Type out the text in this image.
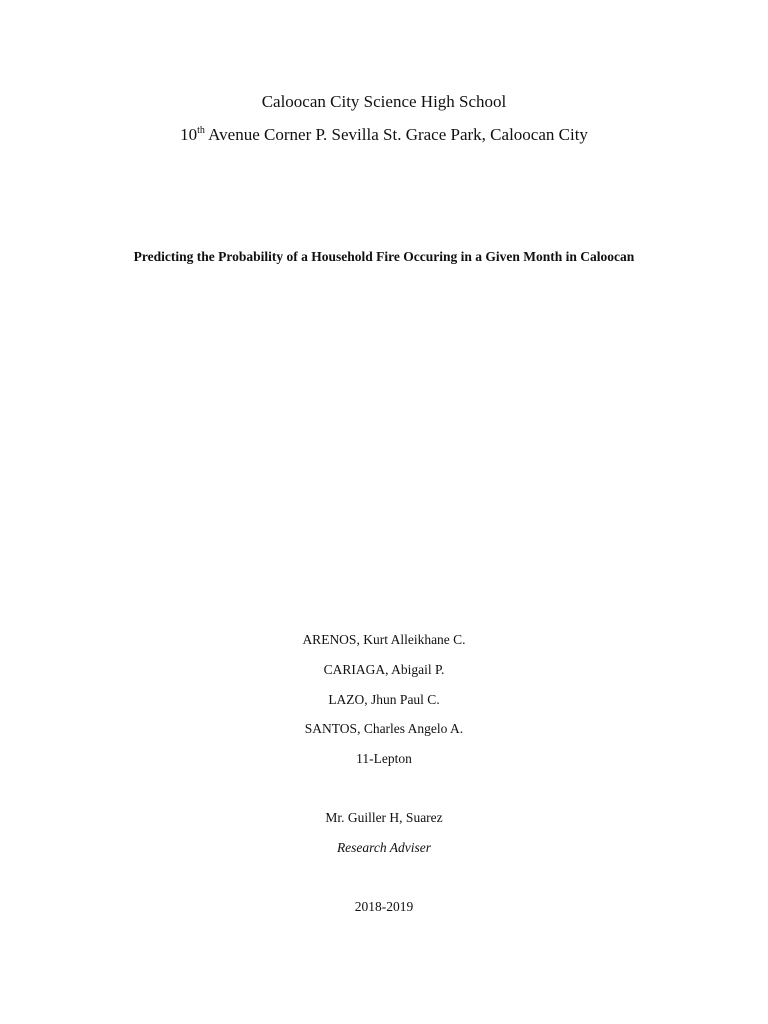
Caloocan City Science High School
10th Avenue Corner P. Sevilla St. Grace Park, Caloocan City
Predicting the Probability of a Household Fire Occuring in a Given Month in Caloocan
ARENOS, Kurt Alleikhane C.
CARIAGA, Abigail P.
LAZO, Jhun Paul C.
SANTOS, Charles Angelo A.
11-Lepton
Mr. Guiller H, Suarez
Research Adviser
2018-2019
